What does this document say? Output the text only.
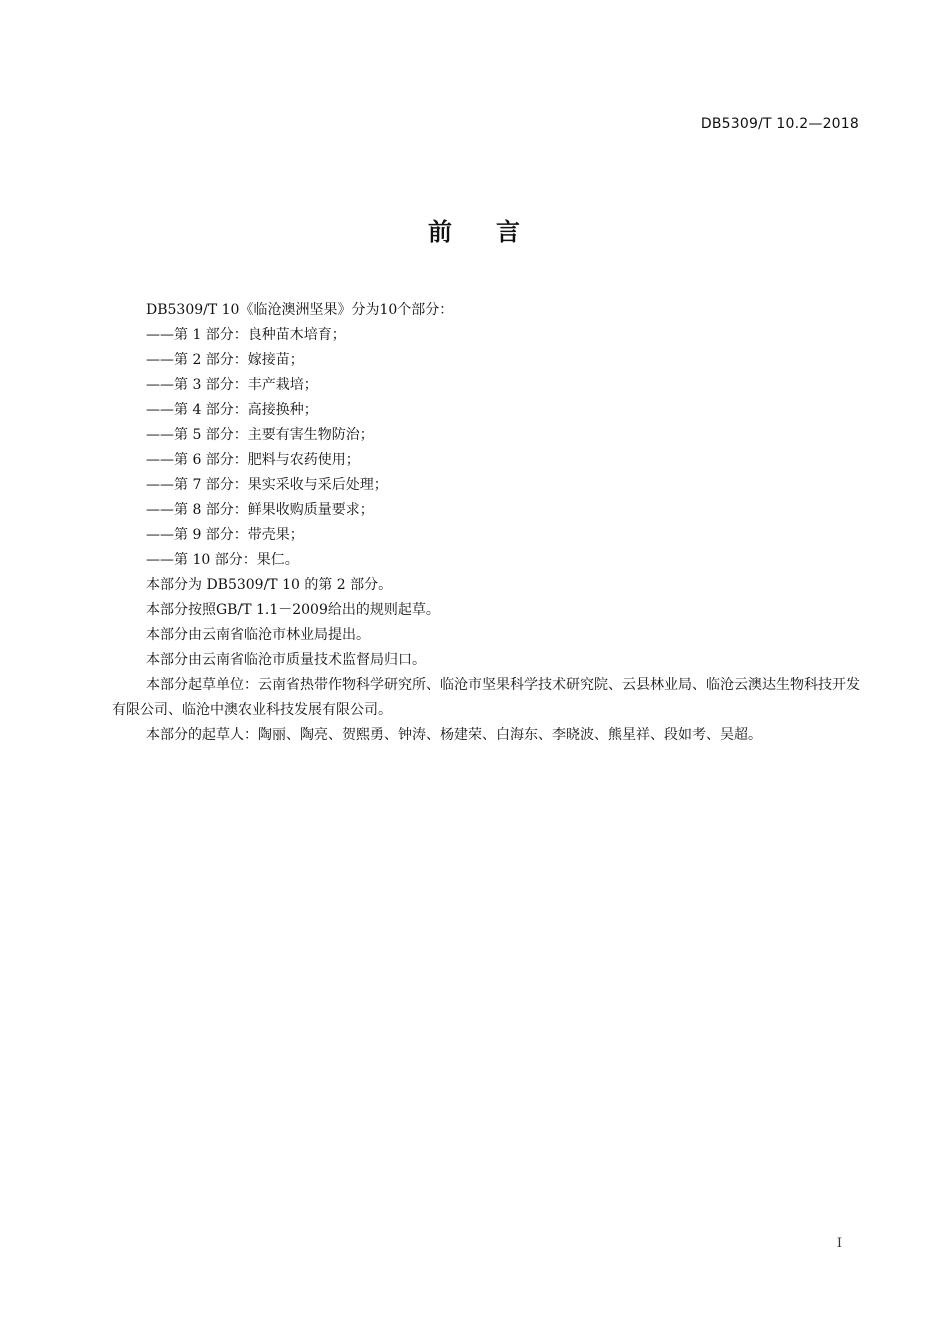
DB5309/T 10.2—2018
前 言

DB5309/T 10《临沧澳洲坚果》分为10个部分：

——第 1 部分：良种苗木培育；

——第 2 部分：嫁接苗；

——第 3 部分：丰产栽培；

——第 4 部分：高接换种；

——第 5 部分：主要有害生物防治；

——第 6 部分：肥料与农药使用；

——第 7 部分：果实采收与采后处理；

——第 8 部分：鲜果收购质量要求；

——第 9 部分：带壳果；

——第 10 部分：果仁。

本部分为 DB5309/T 10 的第 2 部分。

本部分按照GB/T 1.1－2009给出的规则起草。

本部分由云南省临沧市林业局提出。

本部分由云南省临沧市质量技术监督局归口。

本部分起草单位：云南省热带作物科学研究所、临沧市坚果科学技术研究院、云县林业局、临沧云澳达生物科技开发有限公司、临沧中澳农业科技发展有限公司。

本部分的起草人：陶丽、陶亮、贺熙勇、钟涛、杨建荣、白海东、李晓波、熊星祥、段如考、吴超。

I
